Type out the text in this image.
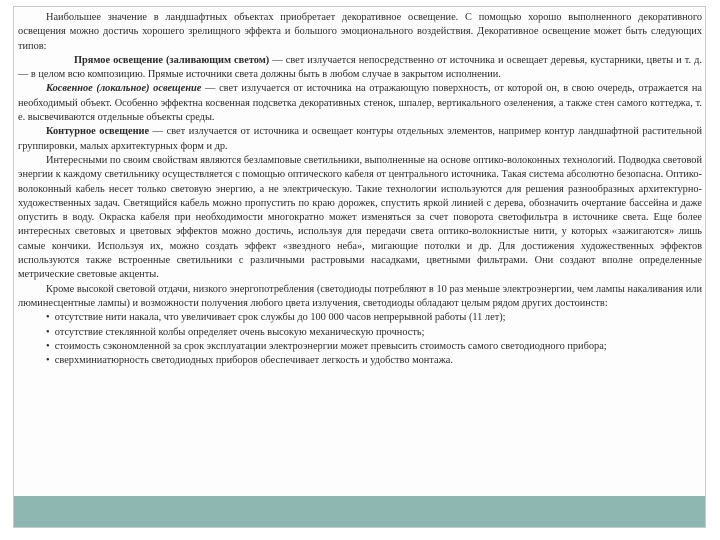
Наибольшее значение в ландшафтных объектах приобретает декоративное освещение. С помощью хорошо выполненного декоративного освещения можно достичь хорошего зрелищного эффекта и большого эмоционального воздействия. Декоративное освещение может быть следующих типов:

Прямое освещение (заливающим светом) — свет излучается непосредственно от источника и освещает деревья, кустарники, цветы и т. д. — в целом всю композицию. Прямые источники света должны быть в любом случае в закрытом исполнении.

Косвенное (локальное) освещение — свет излучается от источника на отражающую поверхность, от которой он, в свою очередь, отражается на необходимый объект. Особенно эффектна косвенная подсветка декоративных стенок, шпалер, вертикального озеленения, а также стен самого коттеджа, т. е. высвечиваются отдельные объекты среды.

Контурное освещение — свет излучается от источника и освещает контуры отдельных элементов, например контур ландшафтной растительной группировки, малых архитектурных форм и др.

Интересными по своим свойствам являются безламповые светильники, выполненные на основе оптико-волоконных технологий. Подводка световой энергии к каждому светильнику осуществляется с помощью оптического кабеля от центрального источника. Такая система абсолютно безопасна. Оптико-волоконный кабель несет только световую энергию, а не электрическую. Такие технологии используются для решения разнообразных архитектурно-художественных задач. Светящийся кабель можно пропустить по краю дорожек, спустить яркой линией с дерева, обозначить очертание бассейна и даже опустить в воду. Окраска кабеля при необходимости многократно может изменяться за счет поворота светофильтра в источнике света. Еще более интересных световых и цветовых эффектов можно достичь, используя для передачи света оптико-волокнистые нити, у которых «зажигаются» лишь самые кончики. Используя их, можно создать эффект «звездного неба», мигающие потолки и др. Для достижения художественных эффектов используются также встроенные светильники с различными растровыми насадками, цветными фильтрами. Они создают вполне определенные метрические световые акценты.

Кроме высокой световой отдачи, низкого энергопотребления (светодиоды потребляют в 10 раз меньше электроэнергии, чем лампы накаливания или люминесцентные лампы) и возможности получения любого цвета излучения, светодиоды обладают целым рядом других достоинств:

• отсутствие нити накала, что увеличивает срок службы до 100 000 часов непрерывной работы (11 лет);

• отсутствие стеклянной колбы определяет очень высокую механическую прочность;

• стоимость сэкономленной за срок эксплуатации электроэнергии может превысить стоимость самого светодиодного прибора;

• сверхминиатюрность светодиодных приборов обеспечивает легкость и удобство монтажа.
